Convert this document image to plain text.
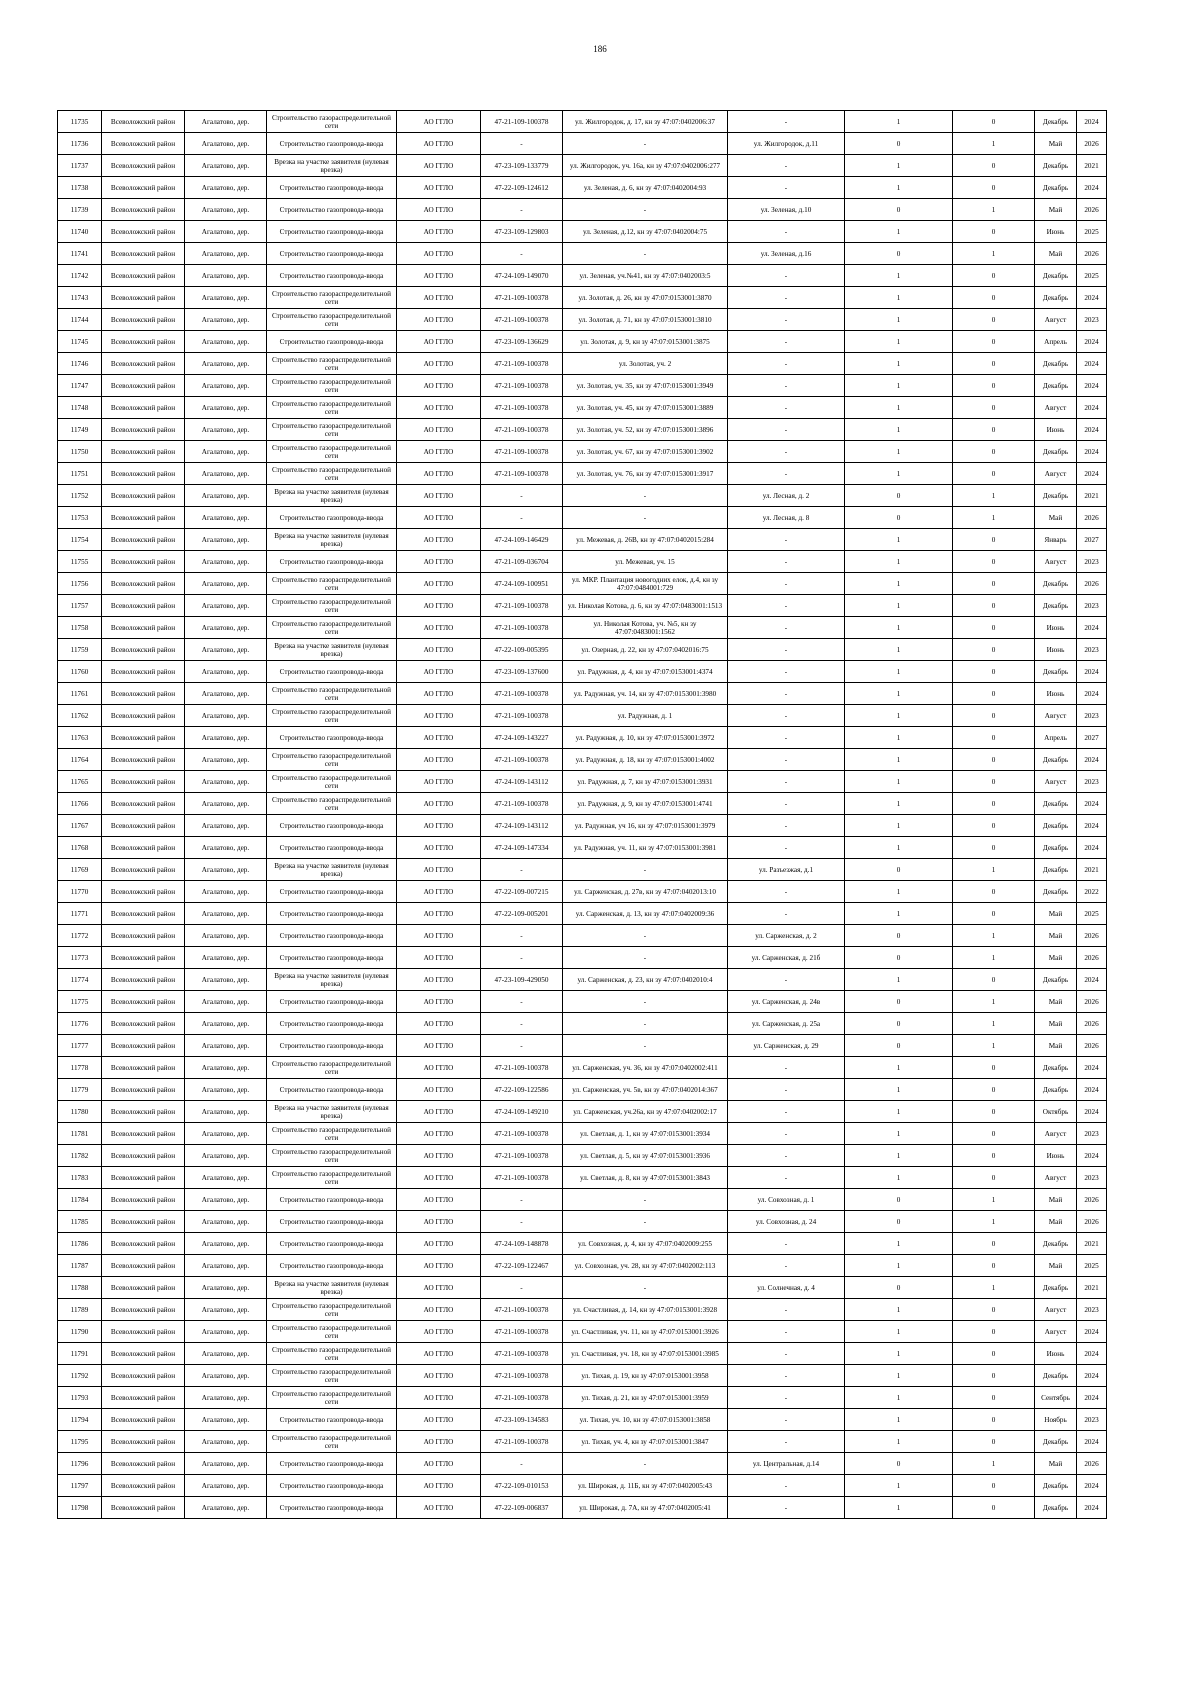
186
11735	Всеволожский район	Агалатово, дер.	Строительство газораспределительной сети	АО ГГЛО	47-21-109-100378	ул. Жилгородок, д. 17, кн зу 47:07:0402006:37	-	1	0	Декабрь	2024
11736	Всеволожский район	Агалатово, дер.	Строительство газопровода-ввода	АО ГГЛО	-	-	ул. Жилгородок, д.11	0	1	Май	2026
11737	Всеволожский район	Агалатово, дер.	Врезка на участке заявителя (нулевая врезка)	АО ГГЛО	47-23-109-133779	ул. Жилгородок, уч. 16а, кн зу 47:07:0402006:277	-	1	0	Декабрь	2021
11738	Всеволожский район	Агалатово, дер.	Строительство газопровода-ввода	АО ГГЛО	47-22-109-124612	ул. Зеленая, д. 6, кн зу 47:07:0402004:93	-	1	0	Декабрь	2024
11739	Всеволожский район	Агалатово, дер.	Строительство газопровода-ввода	АО ГГЛО	-	-	ул. Зеленая, д.10	0	1	Май	2026
11740	Всеволожский район	Агалатово, дер.	Строительство газопровода-ввода	АО ГГЛО	47-23-109-129803	ул. Зеленая, д.12, кн зу 47:07:0402004:75	-	1	0	Июнь	2025
11741	Всеволожский район	Агалатово, дер.	Строительство газопровода-ввода	АО ГГЛО	-	-	ул. Зеленая, д.16	0	1	Май	2026
11742	Всеволожский район	Агалатово, дер.	Строительство газопровода-ввода	АО ГГЛО	47-24-109-149070	ул. Зеленая, уч.№41, кн зу 47:07:0402003:5	-	1	0	Декабрь	2025
11743	Всеволожский район	Агалатово, дер.	Строительство газораспределительной сети	АО ГГЛО	47-21-109-100378	ул. Золотая, д. 26, кн зу 47:07:0153001:3870	-	1	0	Декабрь	2024
11744	Всеволожский район	Агалатово, дер.	Строительство газораспределительной сети	АО ГГЛО	47-21-109-100378	ул. Золотая, д. 71, кн зу 47:07:0153001:3810	-	1	0	Август	2023
11745	Всеволожский район	Агалатово, дер.	Строительство газопровода-ввода	АО ГГЛО	47-23-109-136629	ул. Золотая, д. 9, кн зу 47:07:0153001:3875	-	1	0	Апрель	2024
11746	Всеволожский район	Агалатово, дер.	Строительство газораспределительной сети	АО ГГЛО	47-21-109-100378	ул. Золотая, уч. 2	-	1	0	Декабрь	2024
11747	Всеволожский район	Агалатово, дер.	Строительство газораспределительной сети	АО ГГЛО	47-21-109-100378	ул. Золотая, уч. 35, кн зу 47:07:0153001:3949	-	1	0	Декабрь	2024
11748	Всеволожский район	Агалатово, дер.	Строительство газораспределительной сети	АО ГГЛО	47-21-109-100378	ул. Золотая, уч. 45, кн зу 47:07:0153001:3889	-	1	0	Август	2024
11749	Всеволожский район	Агалатово, дер.	Строительство газораспределительной сети	АО ГГЛО	47-21-109-100378	ул. Золотая, уч. 52, кн зу 47:07:0153001:3896	-	1	0	Июнь	2024
11750	Всеволожский район	Агалатово, дер.	Строительство газораспределительной сети	АО ГГЛО	47-21-109-100378	ул. Золотая, уч. 67, кн зу 47:07:0153001:3902	-	1	0	Декабрь	2024
11751	Всеволожский район	Агалатово, дер.	Строительство газораспределительной сети	АО ГГЛО	47-21-109-100378	ул. Золотая, уч. 76, кн зу 47:07:0153001:3917	-	1	0	Август	2024
11752	Всеволожский район	Агалатово, дер.	Врезка на участке заявителя (нулевая врезка)	АО ГГЛО	-	-	ул. Лесная, д. 2	0	1	Декабрь	2021
11753	Всеволожский район	Агалатово, дер.	Строительство газопровода-ввода	АО ГГЛО	-	-	ул. Лесная, д. 8	0	1	Май	2026
11754	Всеволожский район	Агалатово, дер.	Врезка на участке заявителя (нулевая врезка)	АО ГГЛО	47-24-109-146429	ул. Межевая, д. 26В, кн зу 47:07:0402015:284	-	1	0	Январь	2027
11755	Всеволожский район	Агалатово, дер.	Строительство газопровода-ввода	АО ГГЛО	47-21-109-036704	ул. Межевая, уч. 15	-	1	0	Август	2023
11756	Всеволожский район	Агалатово, дер.	Строительство газораспределительной сети	АО ГГЛО	47-24-109-100951	ул. МКР. Плантация новогодних елок, д.4, кн зу 47:07:0484001:729	-	1	0	Декабрь	2026
11757	Всеволожский район	Агалатово, дер.	Строительство газораспределительной сети	АО ГГЛО	47-21-109-100378	ул. Николая Котова, д. 6, кн зу 47:07:0483001:1513	-	1	0	Декабрь	2023
11758	Всеволожский район	Агалатово, дер.	Строительство газораспределительной сети	АО ГГЛО	47-21-109-100378	ул. Николая Котова, уч. №5, кн зу 47:07:0483001:1562	-	1	0	Июнь	2024
11759	Всеволожский район	Агалатово, дер.	Врезка на участке заявителя (нулевая врезка)	АО ГГЛО	47-22-109-005395	ул. Озерная, д. 22, кн зу 47:07:0402016:75	-	1	0	Июнь	2023
11760	Всеволожский район	Агалатово, дер.	Строительство газопровода-ввода	АО ГГЛО	47-23-109-137600	ул. Радужная, д. 4, кн зу 47:07:0153001:4374	-	1	0	Декабрь	2024
11761	Всеволожский район	Агалатово, дер.	Строительство газораспределительной сети	АО ГГЛО	47-21-109-100378	ул. Радужная, уч. 14, кн зу 47:07:0153001:3980	-	1	0	Июнь	2024
11762	Всеволожский район	Агалатово, дер.	Строительство газораспределительной сети	АО ГГЛО	47-21-109-100378	ул. Радужная, д. 1	-	1	0	Август	2023
11763	Всеволожский район	Агалатово, дер.	Строительство газопровода-ввода	АО ГГЛО	47-24-109-143227	ул. Радужная, д. 10, кн зу 47:07:0153001:3972	-	1	0	Апрель	2027
11764	Всеволожский район	Агалатово, дер.	Строительство газораспределительной сети	АО ГГЛО	47-21-109-100378	ул. Радужная, д. 18, кн зу 47:07:0153001:4002	-	1	0	Декабрь	2024
11765	Всеволожский район	Агалатово, дер.	Строительство газораспределительной сети	АО ГГЛО	47-24-109-143112	ул. Радужная, д. 7, кн зу 47:07:0153001:3931	-	1	0	Август	2023
11766	Всеволожский район	Агалатово, дер.	Строительство газораспределительной сети	АО ГГЛО	47-21-109-100378	ул. Радужная, д. 9, кн зу 47:07:0153001:4741	-	1	0	Декабрь	2024
11767	Всеволожский район	Агалатово, дер.	Строительство газопровода-ввода	АО ГГЛО	47-24-109-143112	ул. Радужная, уч 16, кн зу 47:07:0153001:3979	-	1	0	Декабрь	2024
11768	Всеволожский район	Агалатово, дер.	Строительство газопровода-ввода	АО ГГЛО	47-24-109-147334	ул. Радужная, уч. 11, кн зу 47:07:0153001:3981	-	1	0	Декабрь	2024
11769	Всеволожский район	Агалатово, дер.	Врезка на участке заявителя (нулевая врезка)	АО ГГЛО	-	-	ул. Разъезжая, д.1	0	1	Декабрь	2021
11770	Всеволожский район	Агалатово, дер.	Строительство газопровода-ввода	АО ГГЛО	47-22-109-007215	ул. Сарженская, д. 27в, кн зу 47:07:0402013:10	-	1	0	Декабрь	2022
11771	Всеволожский район	Агалатово, дер.	Строительство газопровода-ввода	АО ГГЛО	47-22-109-005201	ул. Сарженская, д. 13, кн зу 47:07:0402009:36	-	1	0	Май	2025
11772	Всеволожский район	Агалатово, дер.	Строительство газопровода-ввода	АО ГГЛО	-	-	ул. Сарженская, д. 2	0	1	Май	2026
11773	Всеволожский район	Агалатово, дер.	Строительство газопровода-ввода	АО ГГЛО	-	-	ул. Сарженская, д. 21б	0	1	Май	2026
11774	Всеволожский район	Агалатово, дер.	Врезка на участке заявителя (нулевая врезка)	АО ГГЛО	47-23-109-429050	ул. Сарженская, д. 23, кн зу 47:07:0402010:4	-	1	0	Декабрь	2024
11775	Всеволожский район	Агалатово, дер.	Строительство газопровода-ввода	АО ГГЛО	-	-	ул. Сарженская, д. 24в	0	1	Май	2026
11776	Всеволожский район	Агалатово, дер.	Строительство газопровода-ввода	АО ГГЛО	-	-	ул. Сарженская, д. 25а	0	1	Май	2026
11777	Всеволожский район	Агалатово, дер.	Строительство газопровода-ввода	АО ГГЛО	-	-	ул. Сарженская, д. 29	0	1	Май	2026
11778	Всеволожский район	Агалатово, дер.	Строительство газораспределительной сети	АО ГГЛО	47-21-109-100378	ул. Сарженская, уч. 36, кн зу 47:07:0402002:411	-	1	0	Декабрь	2024
11779	Всеволожский район	Агалатово, дер.	Строительство газопровода-ввода	АО ГГЛО	47-22-109-122586	ул. Сарженская, уч. 5в, кн зу 47:07:0402014:367	-	1	0	Декабрь	2024
11780	Всеволожский район	Агалатово, дер.	Врезка на участке заявителя (нулевая врезка)	АО ГГЛО	47-24-109-149210	ул. Сарженская, уч.26а, кн зу 47:07:0402002:17	-	1	0	Октябрь	2024
11781	Всеволожский район	Агалатово, дер.	Строительство газораспределительной сети	АО ГГЛО	47-21-109-100378	ул. Светлая, д. 1, кн зу 47:07:0153001:3934	-	1	0	Август	2023
11782	Всеволожский район	Агалатово, дер.	Строительство газораспределительной сети	АО ГГЛО	47-21-109-100378	ул. Светлая, д. 5, кн зу 47:07:0153001:3936	-	1	0	Июнь	2024
11783	Всеволожский район	Агалатово, дер.	Строительство газораспределительной сети	АО ГГЛО	47-21-109-100378	ул. Светлая, д. 8, кн зу 47:07:0153001:3843	-	1	0	Август	2023
11784	Всеволожский район	Агалатово, дер.	Строительство газопровода-ввода	АО ГГЛО	-	-	ул. Совхозная, д. 1	0	1	Май	2026
11785	Всеволожский район	Агалатово, дер.	Строительство газопровода-ввода	АО ГГЛО	-	-	ул. Совхозная, д. 24	0	1	Май	2026
11786	Всеволожский район	Агалатово, дер.	Строительство газопровода-ввода	АО ГГЛО	47-24-109-148878	ул. Совхозная, д. 4, кн зу 47:07:0402009:255	-	1	0	Декабрь	2021
11787	Всеволожский район	Агалатово, дер.	Строительство газопровода-ввода	АО ГГЛО	47-22-109-122467	ул. Совхозная, уч. 28, кн зу 47:07:0402002:113	-	1	0	Май	2025
11788	Всеволожский район	Агалатово, дер.	Врезка на участке заявителя (нулевая врезка)	АО ГГЛО	-	-	ул. Солнечная, д. 4	0	1	Декабрь	2021
11789	Всеволожский район	Агалатово, дер.	Строительство газораспределительной сети	АО ГГЛО	47-21-109-100378	ул. Счастливая, д. 14, кн зу 47:07:0153001:3928	-	1	0	Август	2023
11790	Всеволожский район	Агалатово, дер.	Строительство газораспределительной сети	АО ГГЛО	47-21-109-100378	ул. Счастливая, уч. 11, кн зу 47:07:0153001:3926	-	1	0	Август	2024
11791	Всеволожский район	Агалатово, дер.	Строительство газораспределительной сети	АО ГГЛО	47-21-109-100378	ул. Счастливая, уч. 18, кн зу 47:07:0153001:3985	-	1	0	Июнь	2024
11792	Всеволожский район	Агалатово, дер.	Строительство газораспределительной сети	АО ГГЛО	47-21-109-100378	ул. Тихая, д. 19, кн зу 47:07:0153001:3958	-	1	0	Декабрь	2024
11793	Всеволожский район	Агалатово, дер.	Строительство газораспределительной сети	АО ГГЛО	47-21-109-100378	ул. Тихая, д. 21, кн зу 47:07:0153001:3959	-	1	0	Сентябрь	2024
11794	Всеволожский район	Агалатово, дер.	Строительство газопровода-ввода	АО ГГЛО	47-23-109-134583	ул. Тихая, уч. 10, кн зу 47:07:0153001:3858	-	1	0	Ноябрь	2023
11795	Всеволожский район	Агалатово, дер.	Строительство газораспределительной сети	АО ГГЛО	47-21-109-100378	ул. Тихая, уч. 4, кн зу 47:07:0153001:3847	-	1	0	Декабрь	2024
11796	Всеволожский район	Агалатово, дер.	Строительство газопровода-ввода	АО ГГЛО	-	-	ул. Центральная, д.14	0	1	Май	2026
11797	Всеволожский район	Агалатово, дер.	Строительство газопровода-ввода	АО ГГЛО	47-22-109-010153	ул. Широкая, д. 11Б, кн зу 47:07:0402005:43	-	1	0	Декабрь	2024
11798	Всеволожский район	Агалатово, дер.	Строительство газопровода-ввода	АО ГГЛО	47-22-109-006837	ул. Широкая, д. 7А, кн зу 47:07:0402005:41	-	1	0	Декабрь	2024
